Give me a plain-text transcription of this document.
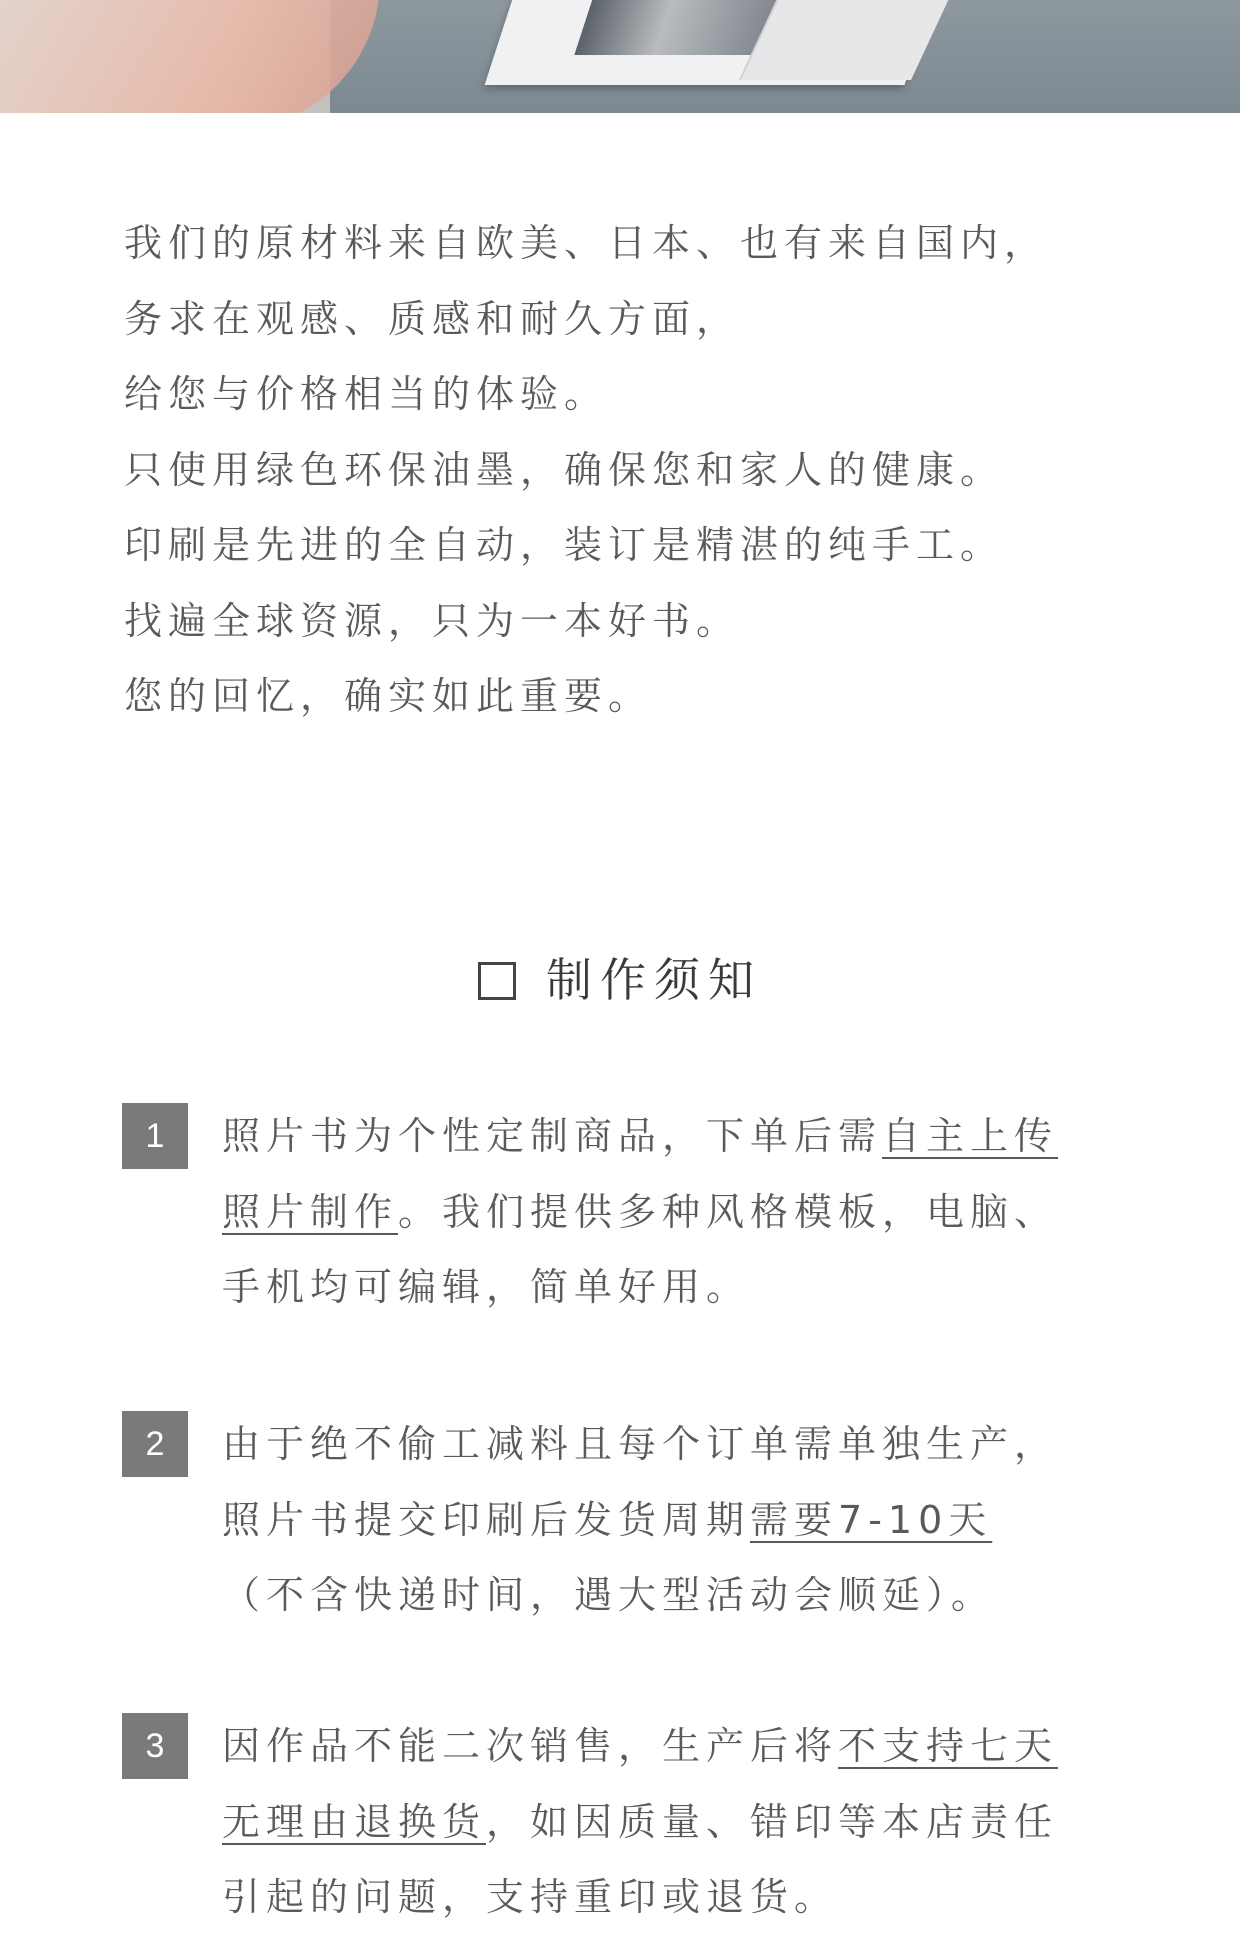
我们的原材料来自欧美、日本、也有来自国内，
务求在观感、质感和耐久方面，
给您与价格相当的体验。
只使用绿色环保油墨，确保您和家人的健康。
印刷是先进的全自动，装订是精湛的纯手工。
找遍全球资源，只为一本好书。
您的回忆，确实如此重要。
制作须知
1	照片书为个性定制商品，下单后需自主上传
照片制作。我们提供多种风格模板，电脑、
手机均可编辑，简单好用。
2	由于绝不偷工减料且每个订单需单独生产，
照片书提交印刷后发货周期需要7-10天
（不含快递时间，遇大型活动会顺延）。
3	因作品不能二次销售，生产后将不支持七天
无理由退换货，如因质量、错印等本店责任
引起的问题，支持重印或退货。
